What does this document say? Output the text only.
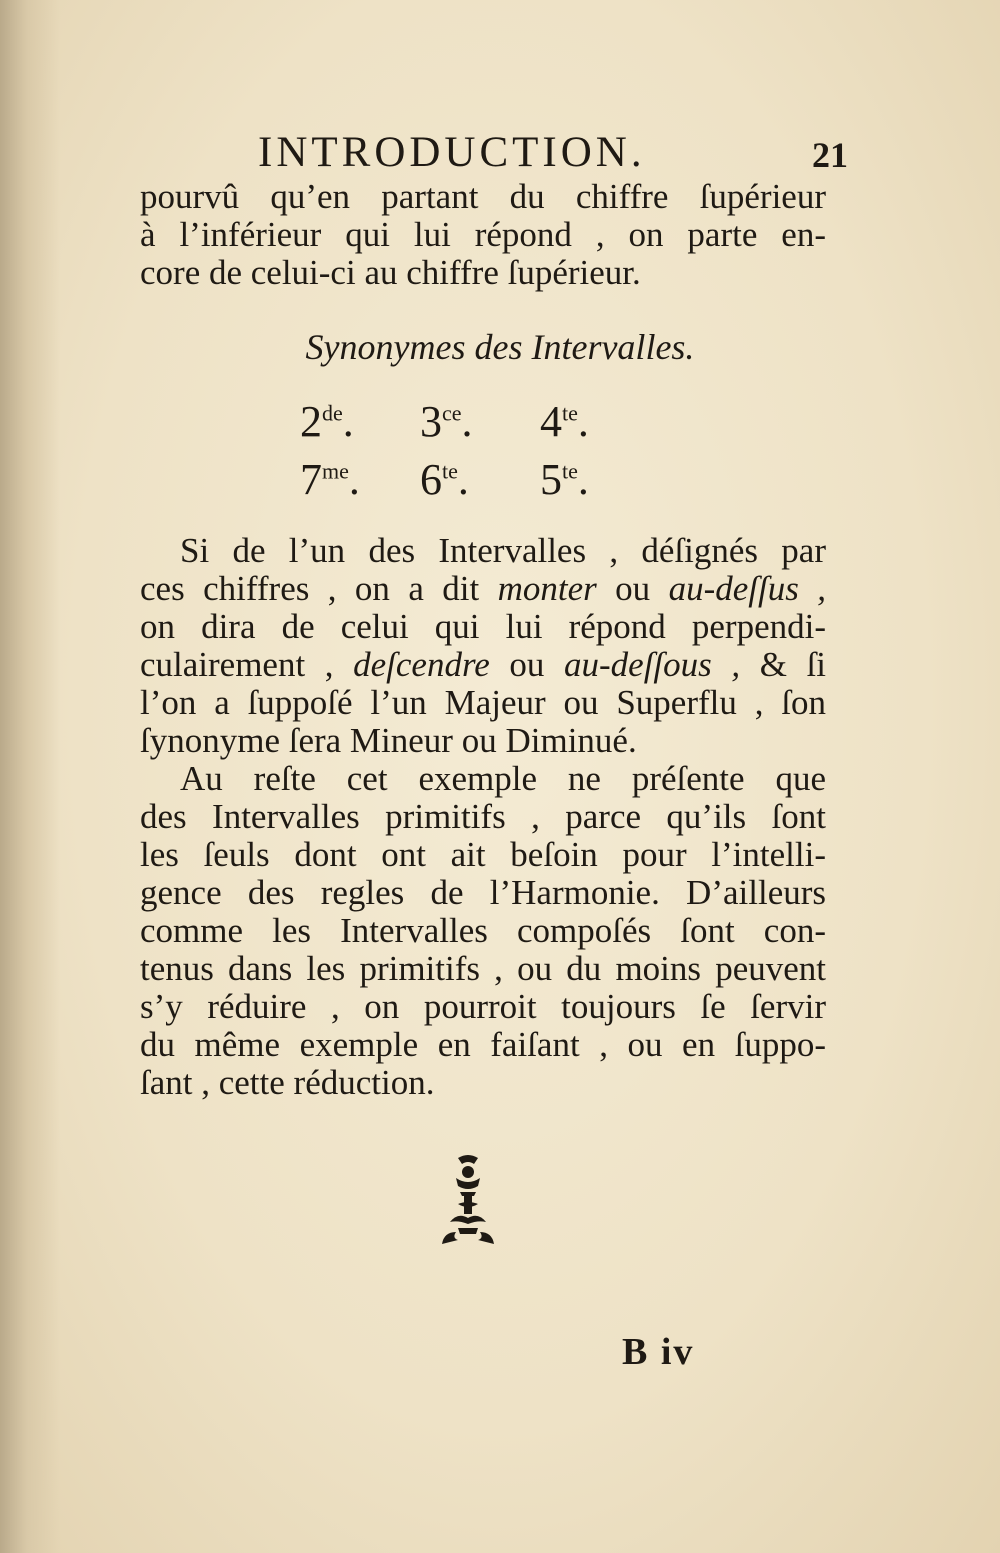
INTRODUCTION.	21
pourvû qu’en partant du chiffre ſupérieur
à l’inférieur qui lui répond , on parte en-
core de celui-ci au chiffre ſupérieur.
Synonymes des Intervalles.
2de.	$3^{ce}$.	$4^{te}$.
$7^{me}$.	$6^{te}$.	$5^{te}$.
Si de l’un des Intervalles , déſignés par
ces chiffres , on a dit monter ou au-deſſus ,
on dira de celui qui lui répond perpendi-
culairement , deſcendre ou au-deſſous , & ſi
l’on a ſuppoſé l’un Majeur ou Superflu , ſon
ſynonyme ſera Mineur ou Diminué.
Au reſte cet exemple ne préſente que
des Intervalles primitifs , parce qu’ils ſont
les ſeuls dont ont ait beſoin pour l’intelli-
gence des regles de l’Harmonie. D’ailleurs
comme les Intervalles compoſés ſont con-
tenus dans les primitifs , ou du moins peuvent
s’y réduire , on pourroit toujours ſe ſervir
du même exemple en faiſant , ou en ſuppo-
ſant , cette réduction.
B iv
